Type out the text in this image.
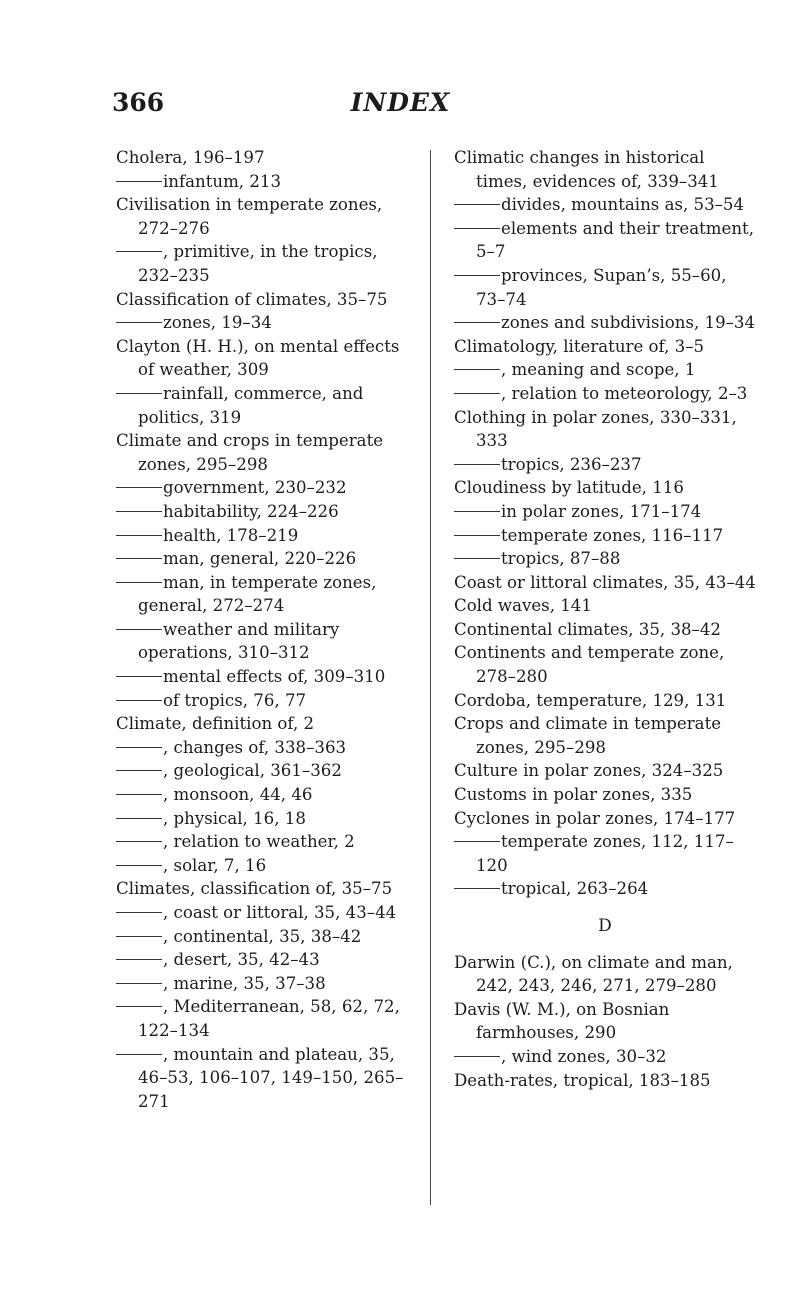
INDEX
366
Cholera, 196–197
infantum, 213
Civilisation in temperate zones, 272–276
, primitive, in the tropics, 232–235
Classification of climates, 35–75
zones, 19–34
Clayton (H. H.), on mental effects of weather, 309
rainfall, commerce, and politics, 319
Climate and crops in temperate zones, 295–298
government, 230–232
habitability, 224–226
health, 178–219
man, general, 220–226
man, in temperate zones, general, 272–274
weather and military operations, 310–312
mental effects of, 309–310
of tropics, 76, 77
Climate, definition of, 2
, changes of, 338–363
, geological, 361–362
, monsoon, 44, 46
, physical, 16, 18
, relation to weather, 2
, solar, 7, 16
Climates, classification of, 35–75
, coast or littoral, 35, 43–44
, continental, 35, 38–42
, desert, 35, 42–43
, marine, 35, 37–38
, Mediterranean, 58, 62, 72, 122–134
, mountain and plateau, 35, 46–53, 106–107, 149–150, 265–271
Climatic changes in historical times, evidences of, 339–341
divides, mountains as, 53–54
elements and their treatment, 5–7
provinces, Supan’s, 55–60, 73–74
zones and subdivisions, 19–34
Climatology, literature of, 3–5
, meaning and scope, 1
, relation to meteorology, 2–3
Clothing in polar zones, 330–331, 333
tropics, 236–237
Cloudiness by latitude, 116
in polar zones, 171–174
temperate zones, 116–117
tropics, 87–88
Coast or littoral climates, 35, 43–44
Cold waves, 141
Continental climates, 35, 38–42
Continents and temperate zone, 278–280
Cordoba, temperature, 129, 131
Crops and climate in temperate zones, 295–298
Culture in polar zones, 324–325
Customs in polar zones, 335
Cyclones in polar zones, 174–177
temperate zones, 112, 117–120
tropical, 263–264
D
Darwin (C.), on climate and man, 242, 243, 246, 271, 279–280
Davis (W. M.), on Bosnian farmhouses, 290
, wind zones, 30–32
Death-rates, tropical, 183–185
